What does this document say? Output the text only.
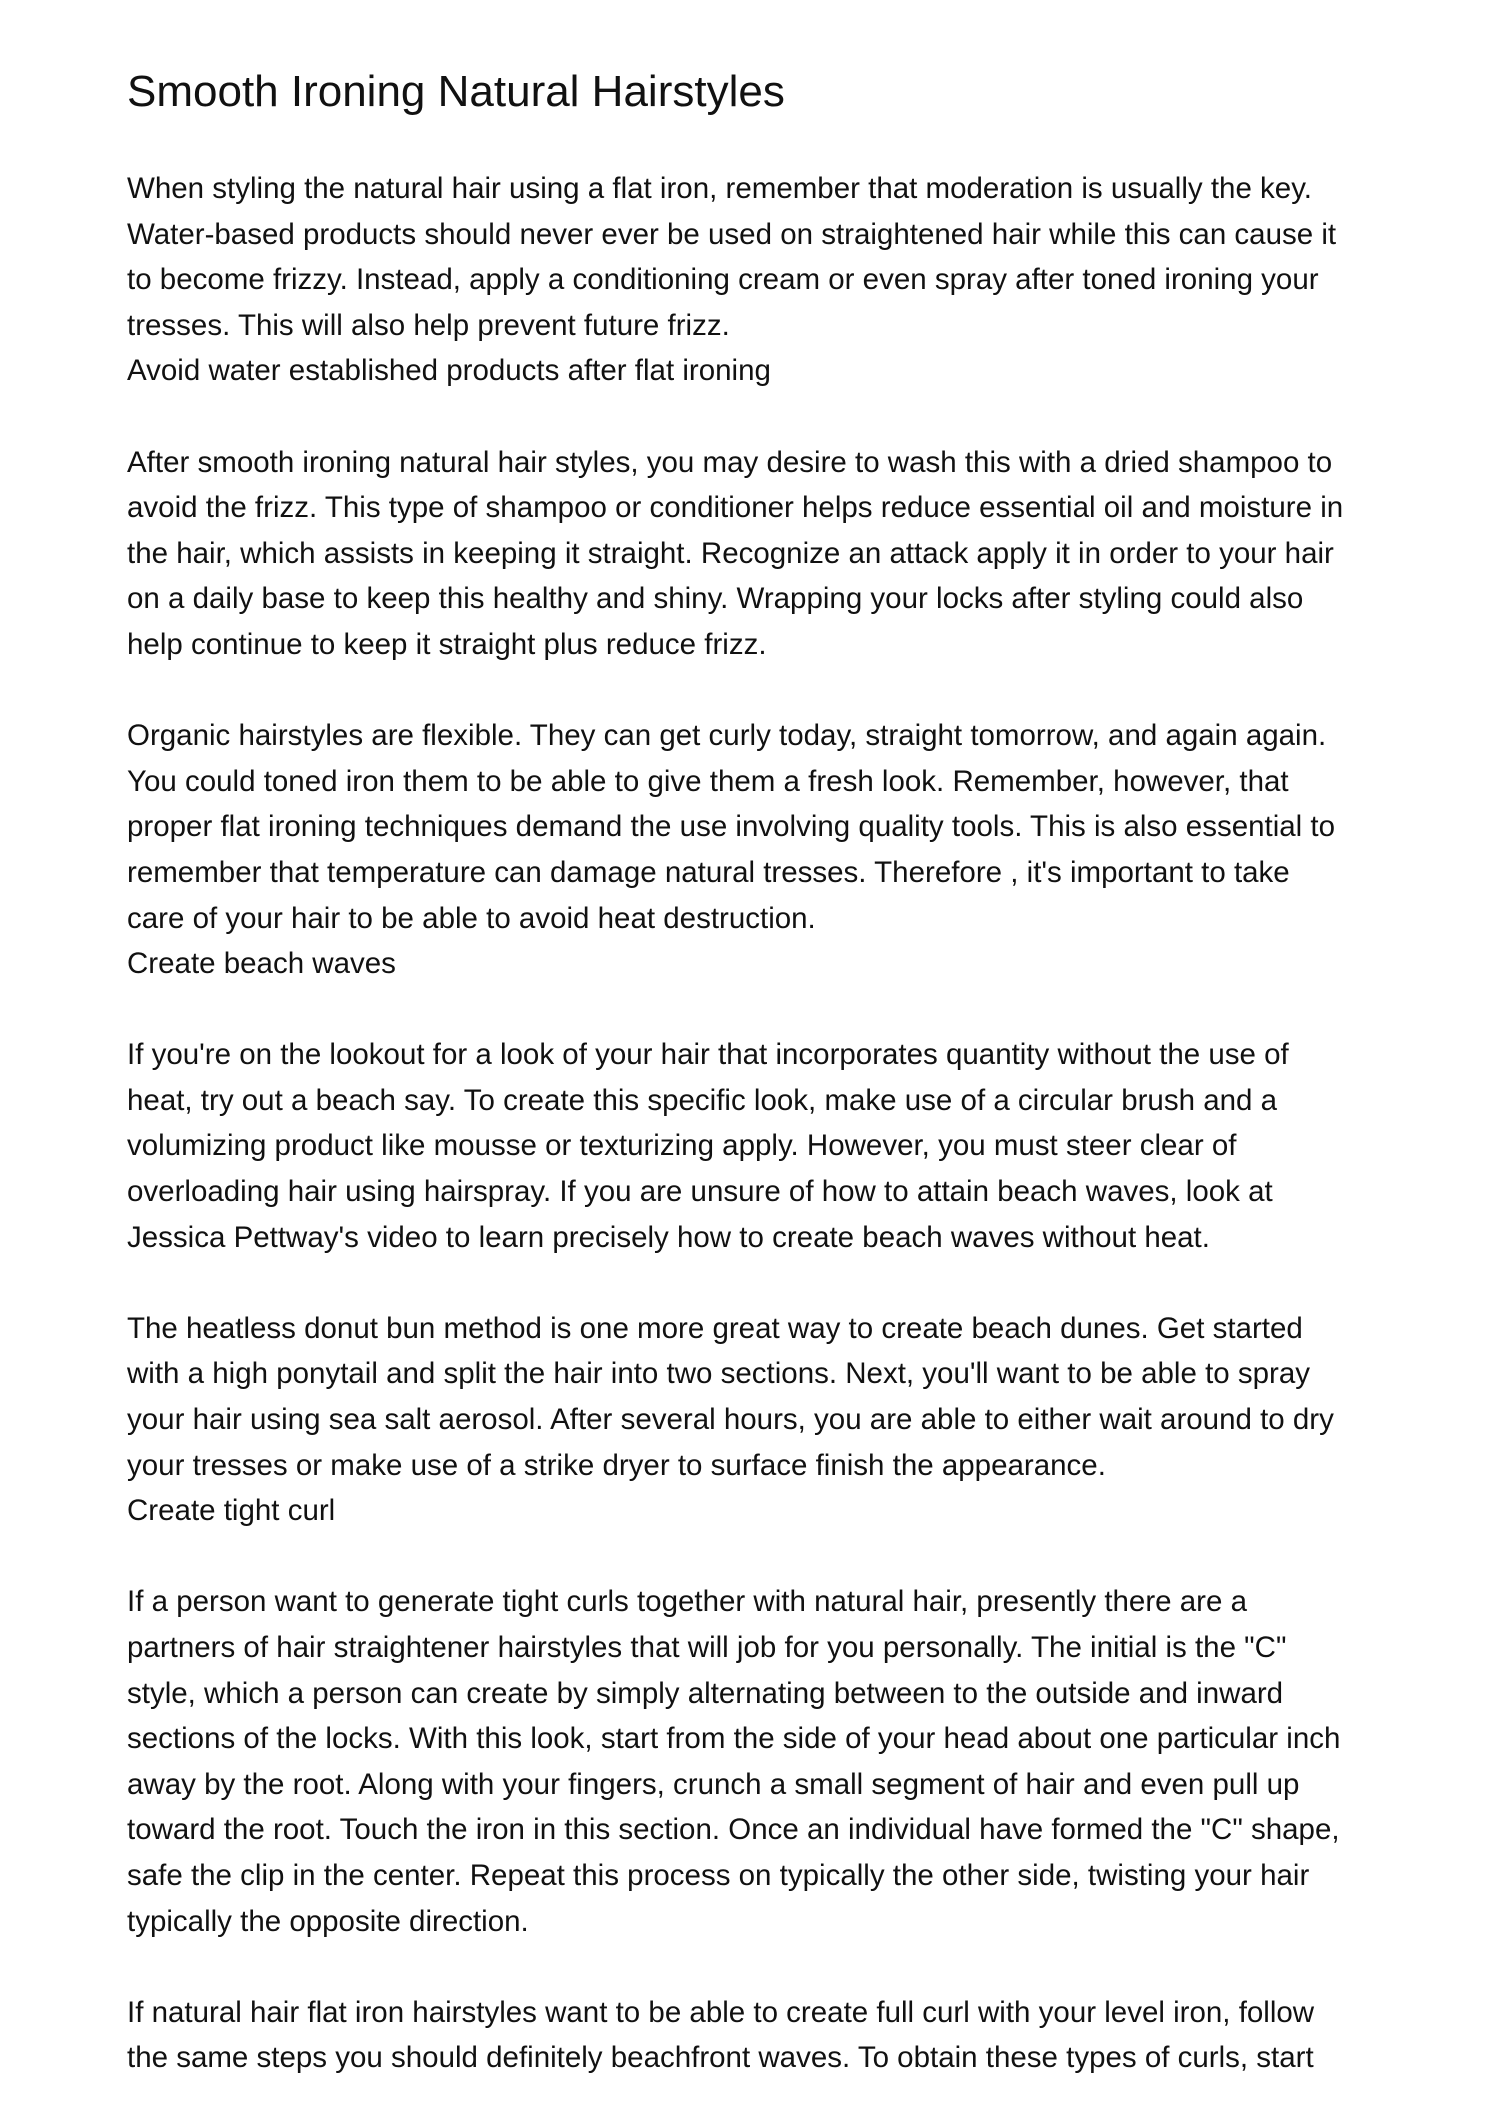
Smooth Ironing Natural Hairstyles
When styling the natural hair using a flat iron, remember that moderation is usually the key.
Water-based products should never ever be used on straightened hair while this can cause it
to become frizzy. Instead, apply a conditioning cream or even spray after toned ironing your
tresses. This will also help prevent future frizz.
Avoid water established products after flat ironing
After smooth ironing natural hair styles, you may desire to wash this with a dried shampoo to
avoid the frizz. This type of shampoo or conditioner helps reduce essential oil and moisture in
the hair, which assists in keeping it straight. Recognize an attack apply it in order to your hair
on a daily base to keep this healthy and shiny. Wrapping your locks after styling could also
help continue to keep it straight plus reduce frizz.
Organic hairstyles are flexible. They can get curly today, straight tomorrow, and again again.
You could toned iron them to be able to give them a fresh look. Remember, however, that
proper flat ironing techniques demand the use involving quality tools. This is also essential to
remember that temperature can damage natural tresses. Therefore , it's important to take
care of your hair to be able to avoid heat destruction.
Create beach waves
If you're on the lookout for a look of your hair that incorporates quantity without the use of
heat, try out a beach say. To create this specific look, make use of a circular brush and a
volumizing product like mousse or texturizing apply. However, you must steer clear of
overloading hair using hairspray. If you are unsure of how to attain beach waves, look at
Jessica Pettway's video to learn precisely how to create beach waves without heat.
The heatless donut bun method is one more great way to create beach dunes. Get started
with a high ponytail and split the hair into two sections. Next, you'll want to be able to spray
your hair using sea salt aerosol. After several hours, you are able to either wait around to dry
your tresses or make use of a strike dryer to surface finish the appearance.
Create tight curl
If a person want to generate tight curls together with natural hair, presently there are a
partners of hair straightener hairstyles that will job for you personally. The initial is the "C"
style, which a person can create by simply alternating between to the outside and inward
sections of the locks. With this look, start from the side of your head about one particular inch
away by the root. Along with your fingers, crunch a small segment of hair and even pull up
toward the root. Touch the iron in this section. Once an individual have formed the "C" shape,
safe the clip in the center. Repeat this process on typically the other side, twisting your hair
typically the opposite direction.
If natural hair flat iron hairstyles want to be able to create full curl with your level iron, follow
the same steps you should definitely beachfront waves. To obtain these types of curls, start
